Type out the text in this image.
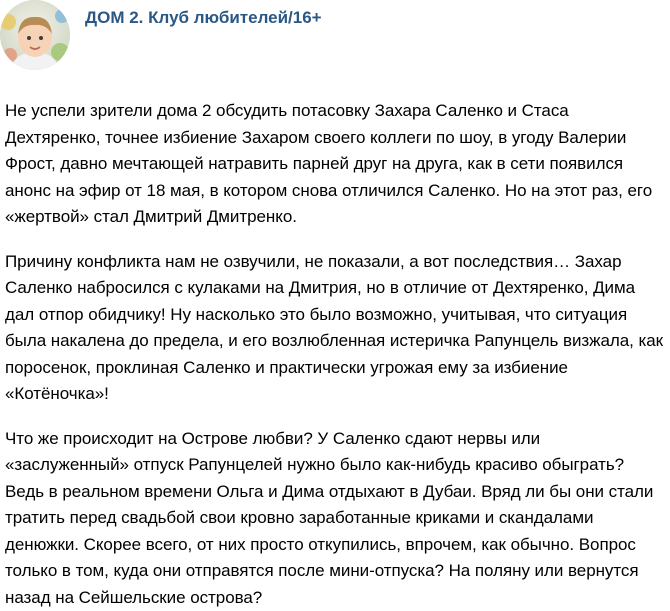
ДОМ 2. Клуб любителей/16+

Не успели зрители дома 2 обсудить потасовку Захара Саленко и Стаса Дехтяренко, точнее избиение Захаром своего коллеги по шоу, в угоду Валерии Фрост, давно мечтающей натравить парней друг на друга, как в сети появился анонс на эфир от 18 мая, в котором снова отличился Саленко. Но на этот раз, его «жертвой» стал Дмитрий Дмитренко.

Причину конфликта нам не озвучили, не показали, а вот последствия… Захар Саленко набросился с кулаками на Дмитрия, но в отличие от Дехтяренко, Дима дал отпор обидчику! Ну насколько это было возможно, учитывая, что ситуация была накалена до предела, и его возлюбленная истеричка Рапунцель визжала, как поросенок, проклиная Саленко и практически угрожая ему за избиение «Котёночка»!

Что же происходит на Острове любви? У Саленко сдают нервы или «заслуженный» отпуск Рапунцелей нужно было как-нибудь красиво обыграть? Ведь в реальном времени Ольга и Дима отдыхают в Дубаи. Вряд ли бы они стали тратить перед свадьбой свои кровно заработанные криками и скандалами денюжки. Скорее всего, от них просто откупились, впрочем, как обычно. Вопрос только в том, куда они отправятся после мини-отпуска? На поляну или вернутся назад на Сейшельские острова?
